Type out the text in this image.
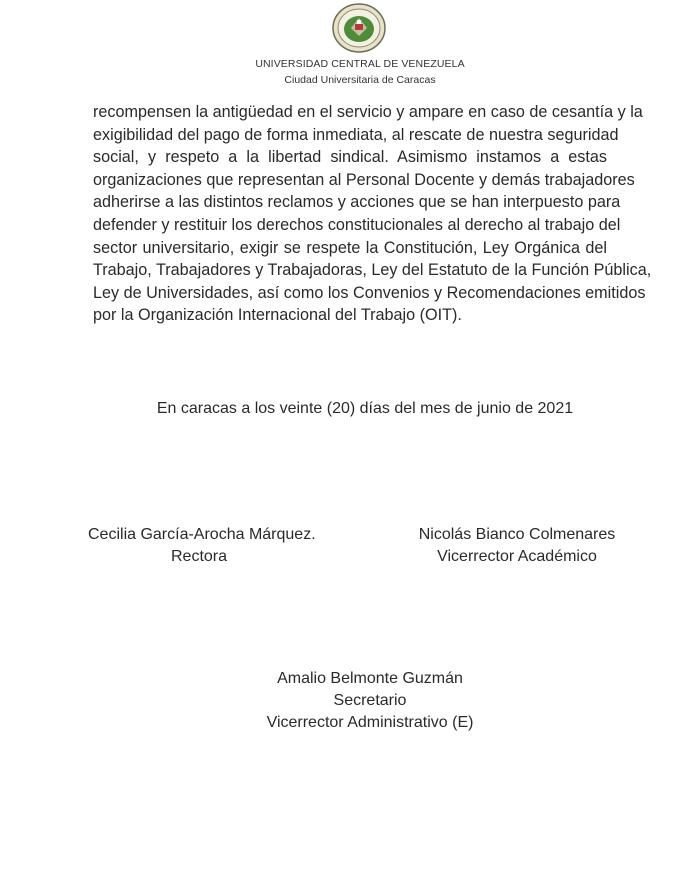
UNIVERSIDAD CENTRAL DE VENEZUELA
Ciudad Universitaria de Caracas
recompensen la antigüedad en el servicio y ampare en caso de cesantía y la
exigibilidad del pago de forma inmediata, al rescate de nuestra seguridad
social, y respeto a la libertad sindical. Asimismo instamos a estas
organizaciones que representan al Personal Docente y demás trabajadores
adherirse a las distintos reclamos y acciones que se han interpuesto para
defender y restituir los derechos constitucionales al derecho al trabajo del
sector universitario, exigir se respete la Constitución, Ley Orgánica del
Trabajo, Trabajadores y Trabajadoras, Ley del Estatuto de la Función Pública,
Ley de Universidades, así como los Convenios y Recomendaciones emitidos
por la Organización Internacional del Trabajo (OIT).
En caracas a los veinte (20) días del mes de junio de 2021
Cecilia García-Arocha Márquez.
Rectora
Nicolás Bianco Colmenares
Vicerrector Académico
Amalio Belmonte Guzmán
Secretario
Vicerrector Administrativo (E)
